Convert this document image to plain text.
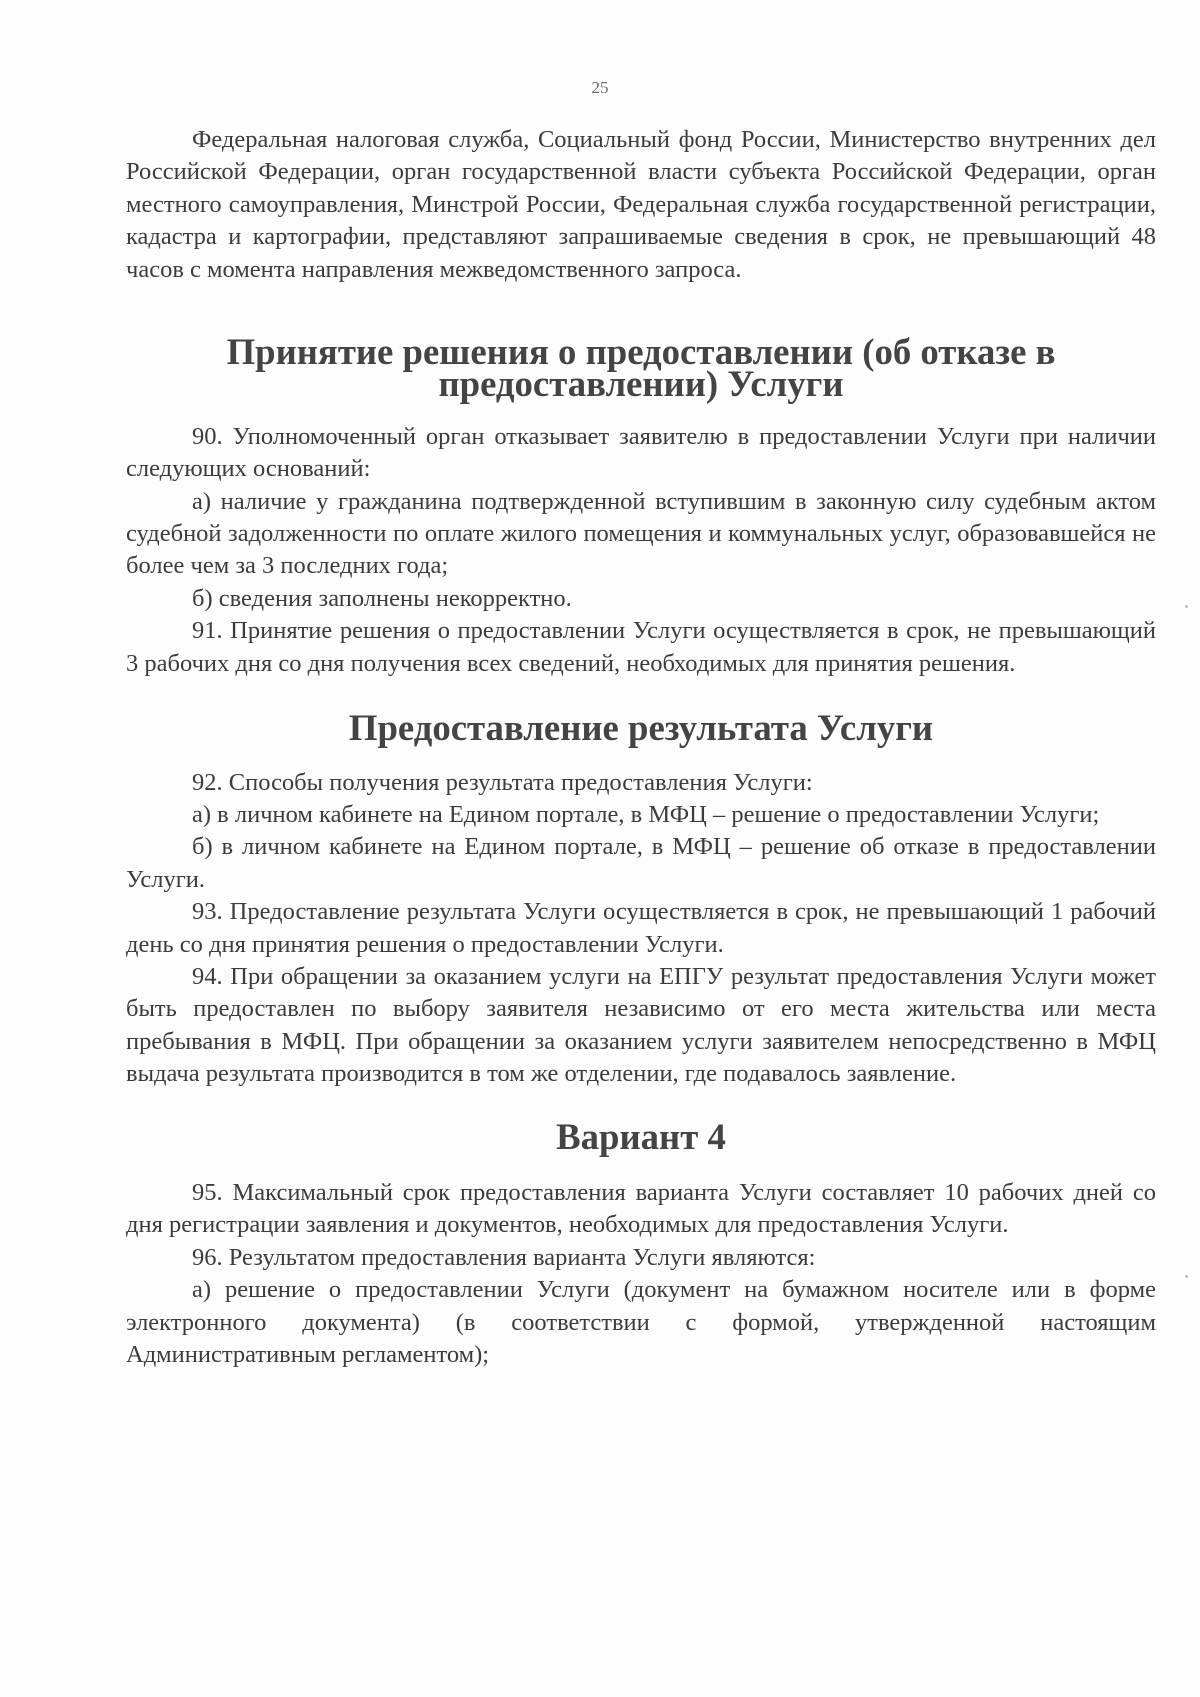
25

Федеральная налоговая служба, Социальный фонд России, Министерство внутренних дел Российской Федерации, орган государственной власти субъекта Российской Федерации, орган местного самоуправления, Минстрой России, Федеральная служба государственной регистрации, кадастра и картографии, представляют запрашиваемые сведения в срок, не превышающий 48 часов с момента направления межведомственного запроса.

Принятие решения о предоставлении (об отказе в предоставлении) Услуги

90. Уполномоченный орган отказывает заявителю в предоставлении Услуги при наличии следующих оснований:

а) наличие у гражданина подтвержденной вступившим в законную силу судебным актом судебной задолженности по оплате жилого помещения и коммунальных услуг, образовавшейся не более чем за 3 последних года;

б) сведения заполнены некорректно.

91. Принятие решения о предоставлении Услуги осуществляется в срок, не превышающий 3 рабочих дня со дня получения всех сведений, необходимых для принятия решения.

Предоставление результата Услуги

92. Способы получения результата предоставления Услуги:

а) в личном кабинете на Едином портале, в МФЦ – решение о предоставлении Услуги;

б) в личном кабинете на Едином портале, в МФЦ – решение об отказе в предоставлении Услуги.

93. Предоставление результата Услуги осуществляется в срок, не превышающий 1 рабочий день со дня принятия решения о предоставлении Услуги.

94. При обращении за оказанием услуги на ЕПГУ результат предоставления Услуги может быть предоставлен по выбору заявителя независимо от его места жительства или места пребывания в МФЦ. При обращении за оказанием услуги заявителем непосредственно в МФЦ выдача результата производится в том же отделении, где подавалось заявление.

Вариант 4

95. Максимальный срок предоставления варианта Услуги составляет 10 рабочих дней со дня регистрации заявления и документов, необходимых для предоставления Услуги.

96. Результатом предоставления варианта Услуги являются:

а) решение о предоставлении Услуги (документ на бумажном носителе или в форме электронного документа) (в соответствии с формой, утвержденной настоящим Административным регламентом);
